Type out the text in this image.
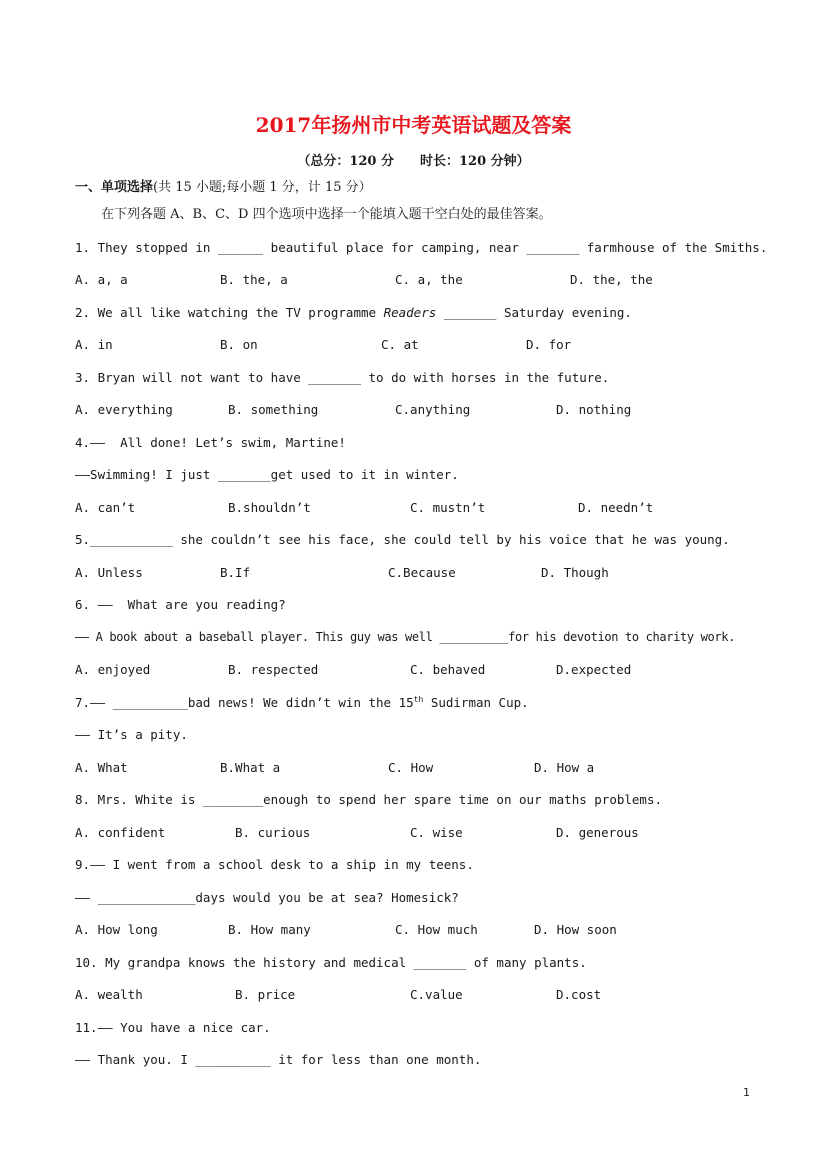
2017年扬州市中考英语试题及答案
（总分：120 分 时长：120 分钟）
一、单项选择(共 15 小题;每小题 1 分，计 15 分）
在下列各题 A、B、C、D 四个选项中选择一个能填入题干空白处的最佳答案。
1. They stopped in ______ beautiful place for camping, near _______ farmhouse of the Smiths.
A. a, a	B. the, a	C. a, the	D. the, the
2. We all like watching the TV programme Readers _______ Saturday evening.
A. in	B. on	C. at	D. for
3. Bryan will not want to have _______ to do with horses in the future.
A. everything	B. something	C.anything	D. nothing
4.——  All done! Let’s swim, Martine!
——Swimming! I just _______get used to it in winter.
A. can’t	B.shouldn’t	C. mustn’t	D. needn’t
5.___________ she couldn’t see his face, she could tell by his voice that he was young.
A. Unless	B.If	C.Because	D. Though
6. ——  What are you reading?
—— A book about a baseball player. This guy was well __________for his devotion to charity work.
A. enjoyed	B. respected	C. behaved	D.expected
7.—— __________bad news! We didn’t win the 15th Sudirman Cup.
—— It’s a pity.
A. What	B.What a	C. How	D. How a
8. Mrs. White is ________enough to spend her spare time on our maths problems.
A. confident	B. curious	C. wise	D. generous
9.—— I went from a school desk to a ship in my teens.
—— _____________days would you be at sea? Homesick?
A. How long	B. How many	C. How much	D. How soon
10. My grandpa knows the history and medical _______ of many plants.
A. wealth	B. price	C.value	D.cost
11.—— You have a nice car.
—— Thank you. I __________ it for less than one month.
1
